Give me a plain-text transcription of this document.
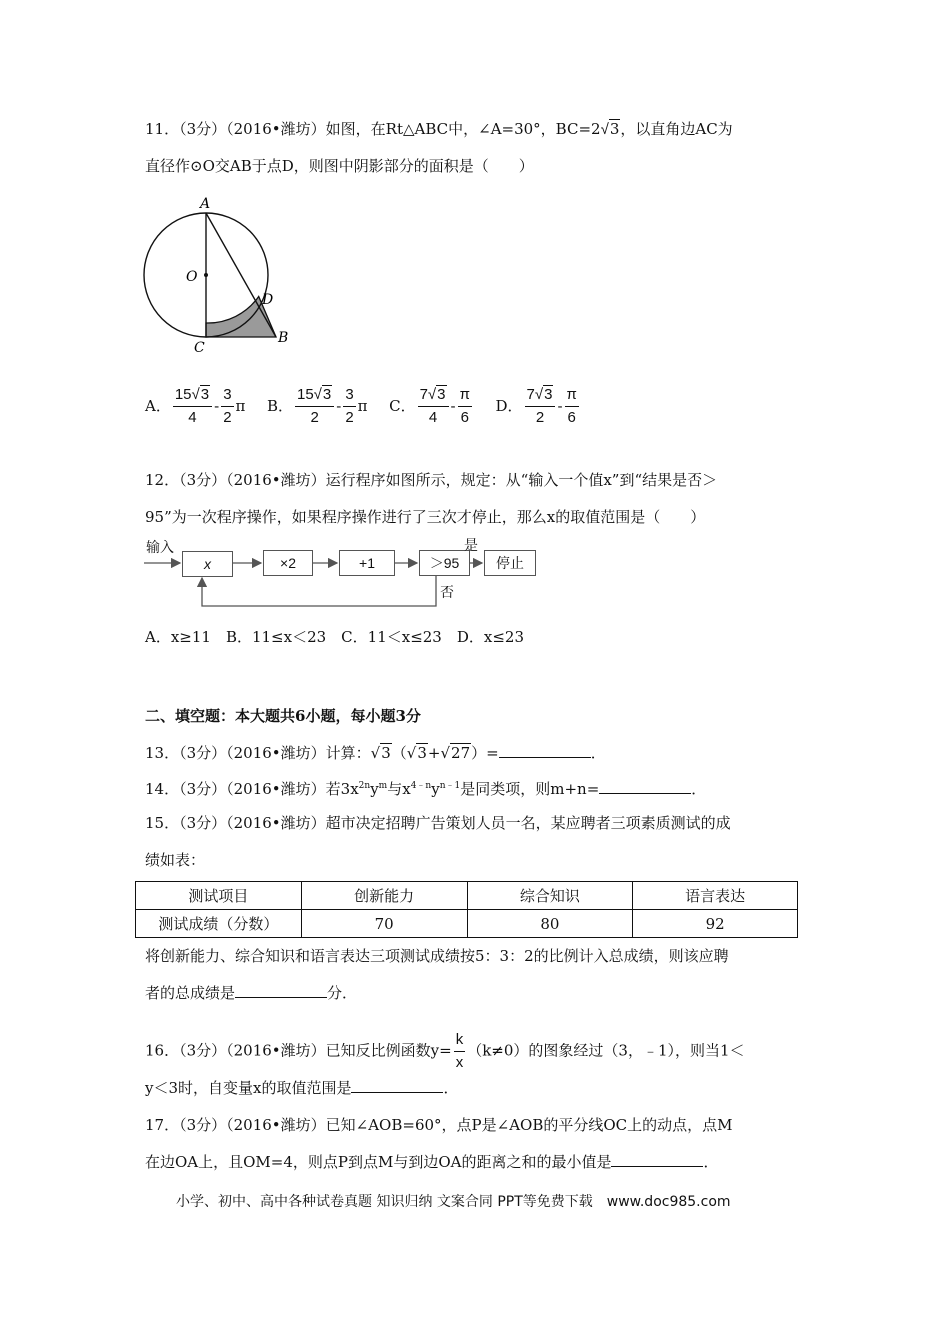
11．（3分）（2016•潍坊）如图，在Rt△ABC中，∠A=30°，BC=2√3，以直角边AC为
直径作⊙O交AB于点D，则图中阴影部分的面积是（　　）
A
O
D
C
B
A． $\frac{15√3}{4} - \frac{3}{2}$ π B． $\frac{15√3}{2} - \frac{3}{2}$ π C． $\frac{7√3}{4} - \frac{\pi}{6}$ D． $\frac{7√3}{2} - \frac{\pi}{6}$
12．（3分）（2016•潍坊）运行程序如图所示，规定：从“输入一个值x”到“结果是否＞
95”为一次程序操作，如果程序操作进行了三次才停止，那么x的取值范围是（　　）
输入
x	×2	+1	＞95
是
停止
否
A．x≥11　B．11≤x＜23　C．11＜x≤23　D．x≤23
二、填空题：本大题共6小题，每小题3分
13．（3分）（2016•潍坊）计算：√3（√3+√27）=	．
14．（3分）（2016•潍坊）若$3x^{2n}y^m$与$x^{4﹣n}y^{n﹣1}$是同类项，则m+n=	．
15．（3分）（2016•潍坊）超市决定招聘广告策划人员一名，某应聘者三项素质测试的成
绩如表：
测试项目	创新能力	综合知识	语言表达
测试成绩（分数）	70	80	92
将创新能力、综合知识和语言表达三项测试成绩按5：3：2的比例计入总成绩，则该应聘
者的总成绩是	分．
16．（3分）（2016•潍坊）已知反比例函数$y= \frac{k}{x} (k\ne 0)$的图象经过（3，﹣1），则当1＜
y＜3时，自变量x的取值范围是	．
17．（3分）（2016•潍坊）已知∠AOB=60°，点P是∠AOB的平分线OC上的动点，点M
在边OA上，且OM=4，则点P到点M与到边OA的距离之和的最小值是	．
小学、初中、高中各种试卷真题 知识归纳 文案合同 PPT等免费下载　www.doc985.com
